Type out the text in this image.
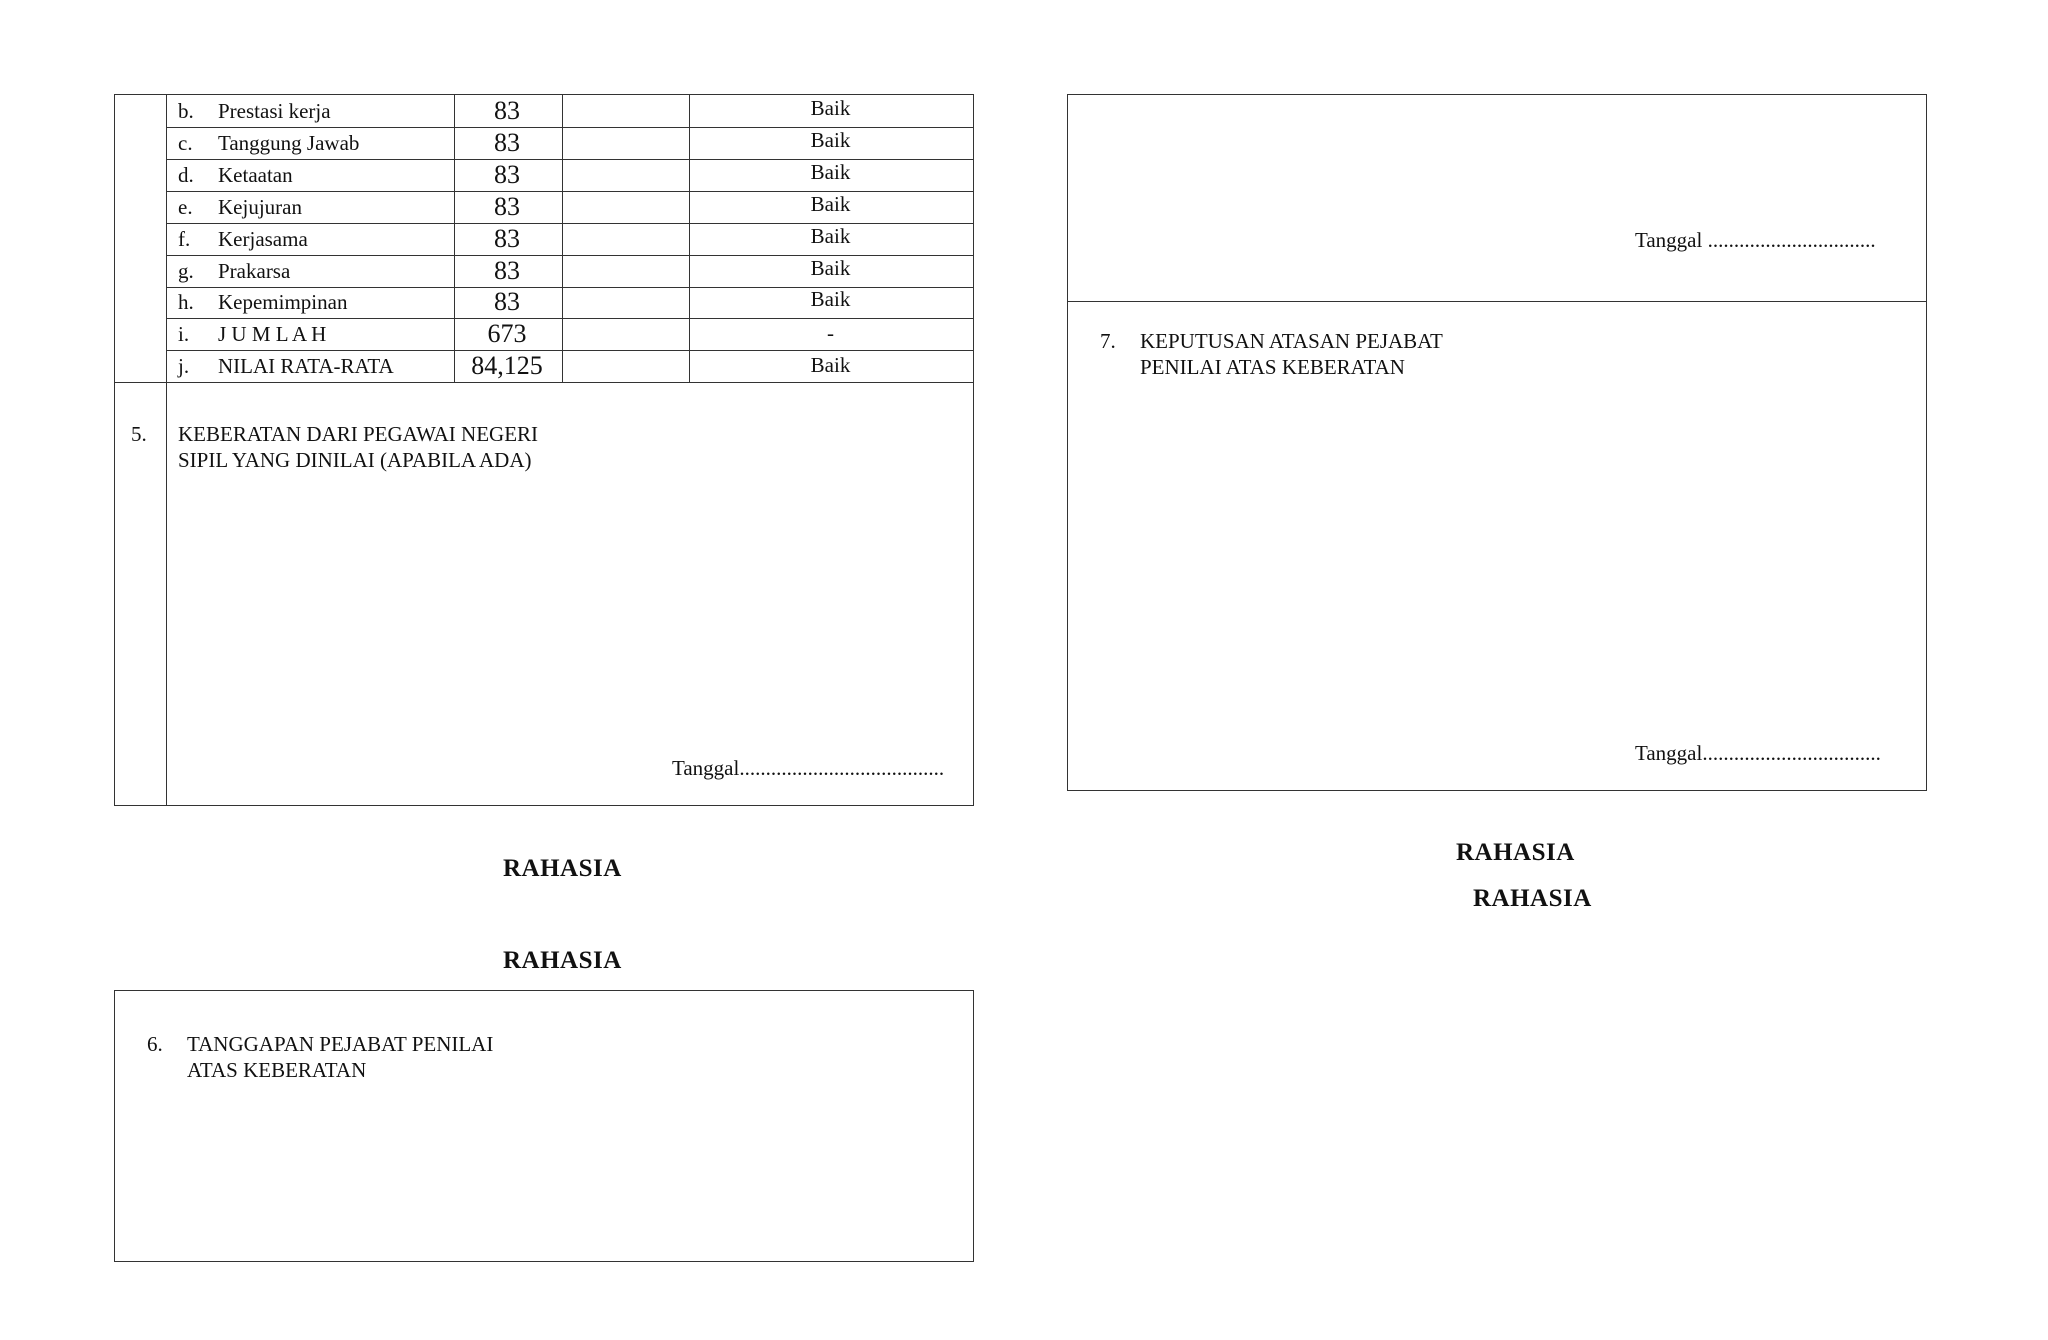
b. Prestasi kerja	83	Baik
c. Tanggung Jawab	83	Baik
d. Ketaatan	83	Baik
e. Kejujuran	83	Baik
f. Kerjasama	83	Baik
g. Prakarsa	83	Baik
h. Kepemimpinan	83	Baik
i. J U M L A H	673	-
j. NILAI RATA-RATA	84,125	Baik
5. KEBERATAN DARI PEGAWAI NEGERI
SIPIL YANG DINILAI (APABILA ADA)
Tanggal.......................................
RAHASIA
RAHASIA
6. TANGGAPAN PEJABAT PENILAI
ATAS KEBERATAN
Tanggal ................................
7. KEPUTUSAN ATASAN PEJABAT
PENILAI ATAS KEBERATAN
Tanggal..................................
RAHASIA
RAHASIA
